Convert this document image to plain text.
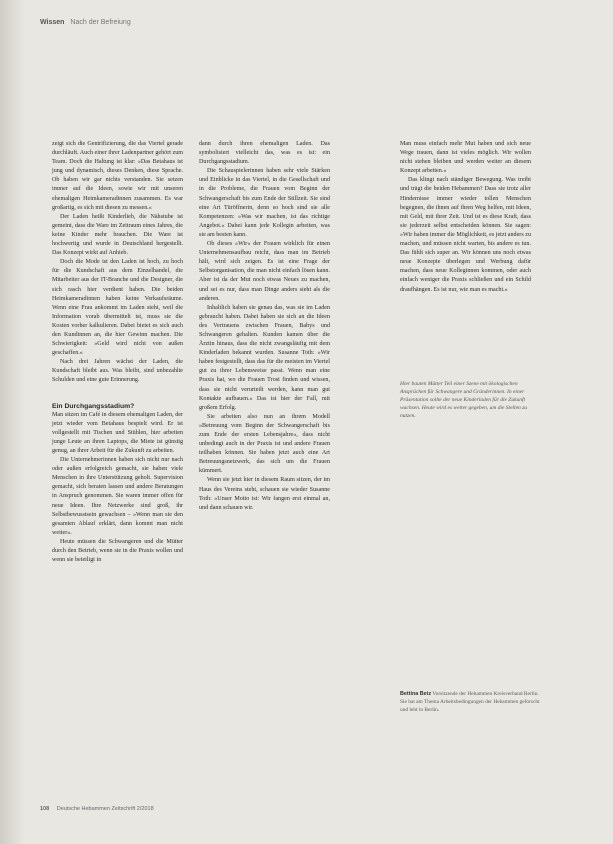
Wissen Nach der Befreiung

zeigt sich die Gentrifizierung, die das Viertel gerade durchläuft. Auch einer ihrer Ladenpartner gehört zum Team. Doch die Haltung ist klar: »Das Betahaus ist jung und dynamisch, dieses Denken, diese Sprache. Ob haben wir gar nichts verstanden. Sie setzen immer auf die Ideen, sowie wir mit unseren ehemaligen Heimkameradinnen zusammen. Es war großartig, es sich mit diesen zu messen.«

Der Laden heißt Kinderlieb, die Nähstube ist gemeint, dass die Ware im Zeitraum eines Jahres, die keine Kinder mehr brauchen. Die Ware ist hochwertig und wurde in Deutschland hergestellt. Das Konzept wirkt auf Anhieb.

Doch die Mode ist den Laden ist hoch, zu hoch für die Kundschaft aus dem Einzelhandel, die Mitarbeiter aus der IT-Branche und die Designer, die sich rasch hier verdient haben. Die beiden Heimkameradinnen haben keine Verkaufsräume. Wenn eine Frau ankommt im Laden steht, weil die Information vorab übermittelt ist, muss sie die Kosten vorher kalkulieren. Dabei bietet es sich auch den Kundinnen an, die hier Gewinn machen. Die Schwierigkeit: »Geld wird nicht von außen geschaffen.«

Nach drei Jahren wächst der Laden, die Kundschaft bleibt aus. Was bleibt, sind unbezahlte Schulden und eine gute Erinnerung.

Ein Durchgangsstadium?

Man sitzen im Café in diesem ehemaligen Laden, der jetzt wieder vom Betahaus bespielt wird. Er ist vollgestellt mit Tischen und Stühlen, hier arbeiten junge Leute an ihren Laptops, die Miete ist günstig genug, an ihrer Arbeit für die Zukunft zu arbeiten.

Die Unternehmerinnen haben sich nicht nur nach oder außen erfolgreich gemacht, sie haben viele Menschen in ihre Unterstützung geholt. Supervision gemacht, sich beraten lassen und andere Beratungen in Anspruch genommen. Sie waren immer offen für neue Ideen. Ihre Netzwerke sind groß, ihr Selbstbewusstsein gewachsen – »Wenn man sie den gesamten Ablauf erklärt, dann kommt man nicht weiter«.

Heute müssen die Schwangeren und die Mütter durch den Betrieb, wenn sie in die Praxis wollen und wenn sie beteiligt in

dann durch ihren ehemaligen Laden. Das symbolisiert vielleicht das, was es ist: ein Durchgangsstadium.

Die Schauspielerinnen haben sehr viele Stärken und Einblicke in das Viertel, in die Gesellschaft und in die Probleme, die Frauen vom Beginn der Schwangerschaft bis zum Ende der Stillzeit. Sie sind eine Art Türöffnerin, denn so hoch sind sie alle Kompetenzen: »Was wir machen, ist das richtige Angebot.« Dabei kann jede Kollegin arbeiten, was sie am besten kann.

Ob dieses »Wir« der Frauen wirklich für einen Unternehmensaufbau reicht, dass man im Betrieb hält, wird sich zeigen. Es ist eine Frage der Selbstorganisation, die man nicht einfach lösen kann. Aber ist da der Mut noch etwas Neues zu machen, und sei es nur, dass man Dinge anders sieht als die anderen.

Inhaltlich haben sie genau das, was sie im Laden gebraucht haben. Dabei haben sie sich an die Ideen des Vertrauens zwischen Frauen, Babys und Schwangeren gehalten. Kunden kamen über die Ärztin hinaus, dass die nicht zwangsläufig mit dem Kinderladen bekannt wurden. Susanne Toth: »Wir haben festgestellt, dass das für die meisten im Viertel gut zu ihrer Lebensweise passt. Wenn man eine Praxis hat, wo die Frauen Trost finden und wissen, dass sie nicht verurteilt werden, kann man gut Kontakte aufbauen.« Das ist hier der Fall, mit großem Erfolg.

Sie arbeiten also nun an ihrem Modell »Betreuung vom Beginn der Schwangerschaft bis zum Ende der ersten Lebensjahre«, dass nicht unbedingt auch in der Praxis ist und andere Frauen teilhaben können. Sie haben jetzt auch eine Art Betreuungsnetzwerk, das sich um die Frauen kümmert.

Wenn sie jetzt hier in diesem Raum sitzen, der im Haus des Vereins steht, schauen sie wieder Susanne Toth: »Unser Motto ist: Wir fangen erst einmal an, und dann schauen wir.

Man muss einfach mehr Mut haben und sich neue Wege trauen, dann ist vieles möglich. Wir wollen nicht stehen bleiben und werden weiter an diesem Konzept arbeiten.«

Das klingt nach ständiger Bewegung. Was treibt und trägt die beiden Hebammen? Dass sie trotz aller Hindernisse immer wieder tollen Menschen begegnen, die ihnen auf ihren Weg helfen, mit Ideen, mit Geld, mit ihrer Zeit. Und ist es diese Kraft, dass sie jederzeit selbst entscheiden können. Sie sagen: »Wir haben immer die Möglichkeit, es jetzt anders zu machen, und müssen nicht warten, bis andere es tun. Das fühlt sich super an. Wir können uns noch etwas neue Konzepte überlegen und Werbung dafür machen, dass neue Kolleginnen kommen, oder auch einfach weniger die Praxis schließen und ein Schild draufhängen. Es ist nur, wie man es macht.«

Hier bauten Mütter Teil einer Szene mit ökologischen Ansprüchen für Schwangere und Gründerinnen. In einer Präsentation sollte der neue Kinderladen für die Zukunft wachsen. Heute wird es weiter gegeben, um die Stellen zu nutzen.
Bettina Betz Vorsitzende der Hebammen Kreisverband Berlin. Sie hat am Thema Arbeitsbedingungen der Hebammen geforscht und lebt in Berlin.
108 Deutsche Hebammen Zeitschrift 2/2018
